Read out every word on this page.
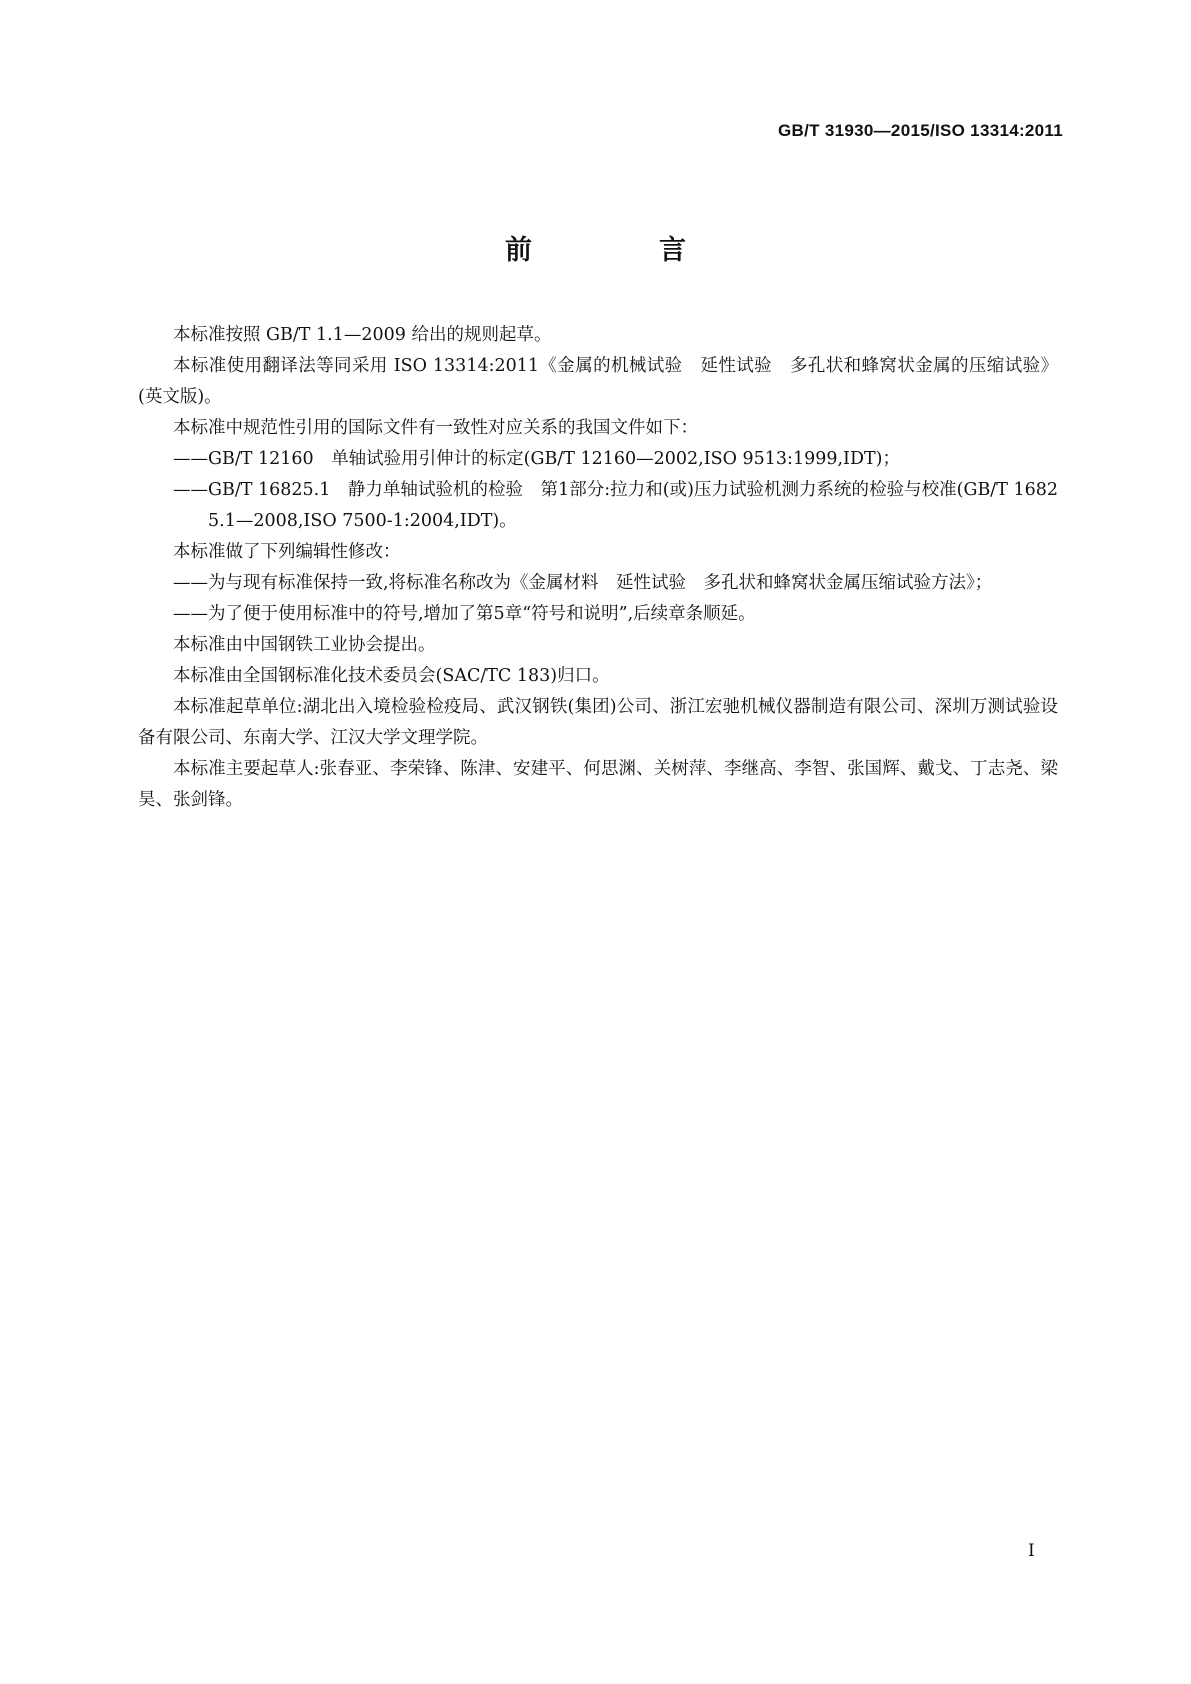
GB/T 31930—2015/ISO 13314:2011
前　言

本标准按照 GB/T 1.1—2009 给出的规则起草。

本标准使用翻译法等同采用 ISO 13314:2011《金属的机械试验　延性试验　多孔状和蜂窝状金属的压缩试验》(英文版)。

本标准中规范性引用的国际文件有一致性对应关系的我国文件如下：

——GB/T 12160　单轴试验用引伸计的标定(GB/T 12160—2002,ISO 9513:1999,IDT)；

——GB/T 16825.1　静力单轴试验机的检验　第1部分:拉力和(或)压力试验机测力系统的检验与校准(GB/T 16825.1—2008,ISO 7500-1:2004,IDT)。

本标准做了下列编辑性修改：

——为与现有标准保持一致,将标准名称改为《金属材料　延性试验　多孔状和蜂窝状金属压缩试验方法》；

——为了便于使用标准中的符号,增加了第5章“符号和说明”,后续章条顺延。

本标准由中国钢铁工业协会提出。

本标准由全国钢标准化技术委员会(SAC/TC 183)归口。

本标准起草单位:湖北出入境检验检疫局、武汉钢铁(集团)公司、浙江宏驰机械仪器制造有限公司、深圳万测试验设备有限公司、东南大学、江汉大学文理学院。

本标准主要起草人:张春亚、李荣锋、陈津、安建平、何思渊、关树萍、李继高、李智、张国辉、戴戈、丁志尧、梁昊、张剑锋。

I
